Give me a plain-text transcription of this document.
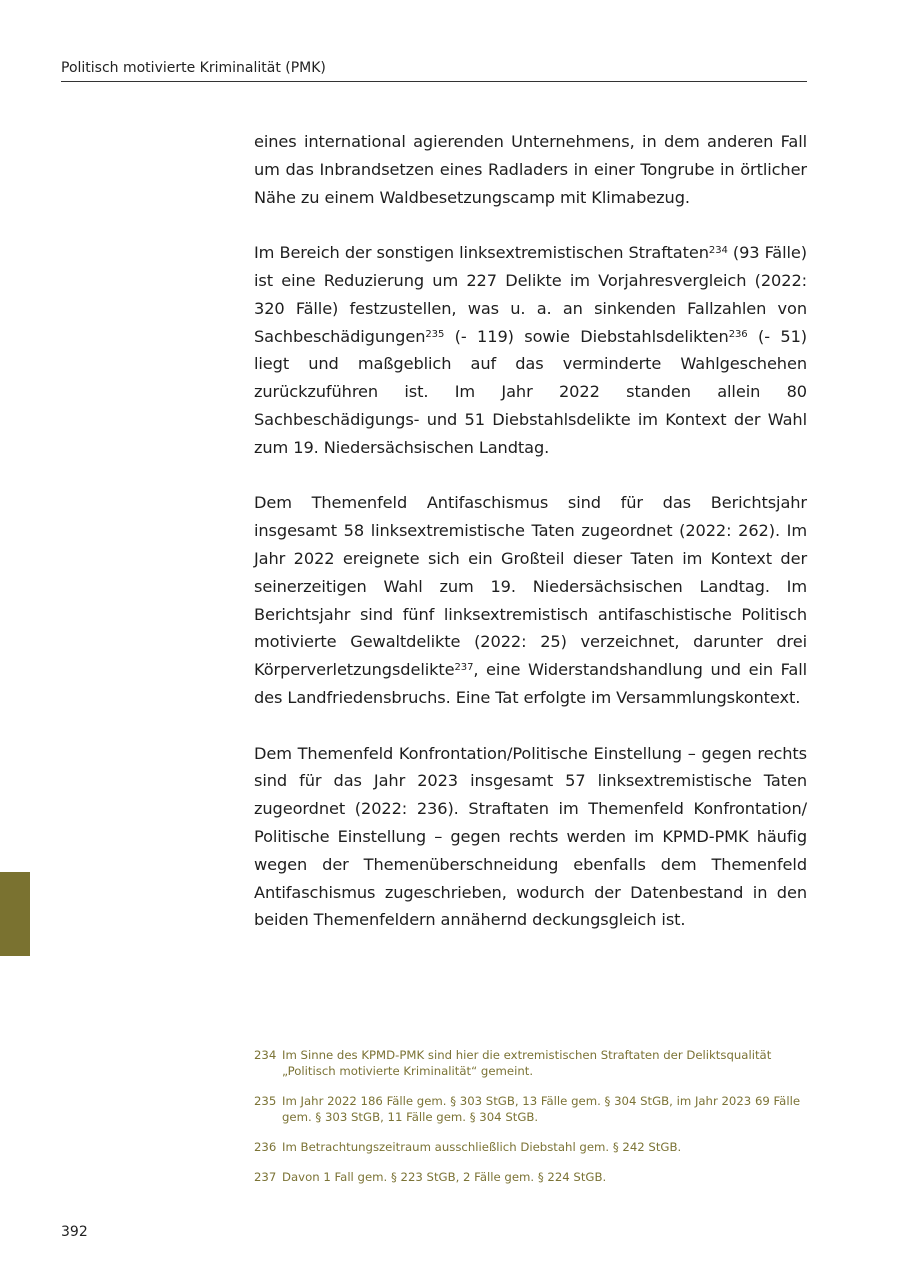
Politisch motivierte Kriminalität (PMK)

eines international agierenden Unternehmens, in dem anderen Fall um das Inbrandsetzen eines Radladers in einer Tongrube in örtlicher Nähe zu einem Waldbesetzungscamp mit Klimabezug.

Im Bereich der sonstigen linksextremistischen Straftaten$^{234}$ (93 Fälle) ist eine Reduzierung um 227 Delikte im Vorjahresvergleich (2022: 320 Fälle) festzustellen, was u. a. an sinkenden Fallzahlen von Sachbeschädigungen$^{235}$ (- 119) sowie Diebstahlsdelikten$^{236}$ (- 51) liegt und maßgeblich auf das verminderte Wahlgeschehen zurückzuführen ist. Im Jahr 2022 standen allein 80 Sachbeschädigungs- und 51 Diebstahlsdelikte im Kontext der Wahl zum 19. Niedersächsischen Landtag.

Dem Themenfeld Antifaschismus sind für das Berichtsjahr insgesamt 58 linksextremistische Taten zugeordnet (2022: 262). Im Jahr 2022 ereignete sich ein Großteil dieser Taten im Kontext der seinerzeitigen Wahl zum 19. Niedersächsischen Landtag. Im Berichtsjahr sind fünf linksextremistisch antifaschistische Politisch motivierte Gewaltdelikte (2022: 25) verzeichnet, darunter drei Körperverletzungsdelikte$^{237}$, eine Widerstandshandlung und ein Fall des Landfriedensbruchs. Eine Tat erfolgte im Versammlungskontext.

Dem Themenfeld Konfrontation/Politische Einstellung – gegen rechts sind für das Jahr 2023 insgesamt 57 linksextremistische Taten zugeordnet (2022: 236). Straftaten im Themenfeld Konfrontation/ Politische Einstellung – gegen rechts werden im KPMD-PMK häufig wegen der Themenüberschneidung ebenfalls dem Themenfeld Antifaschismus zugeschrieben, wodurch der Datenbestand in den beiden Themenfeldern annähernd deckungsgleich ist.

234 Im Sinne des KPMD-PMK sind hier die extremistischen Straftaten der Deliktsqualität „Politisch motivierte Kriminalität“ gemeint.
235 Im Jahr 2022 186 Fälle gem. § 303 StGB, 13 Fälle gem. § 304 StGB, im Jahr 2023 69 Fälle gem. § 303 StGB, 11 Fälle gem. § 304 StGB.
236 Im Betrachtungszeitraum ausschließlich Diebstahl gem. § 242 StGB.
237 Davon 1 Fall gem. § 223 StGB, 2 Fälle gem. § 224 StGB.
392
